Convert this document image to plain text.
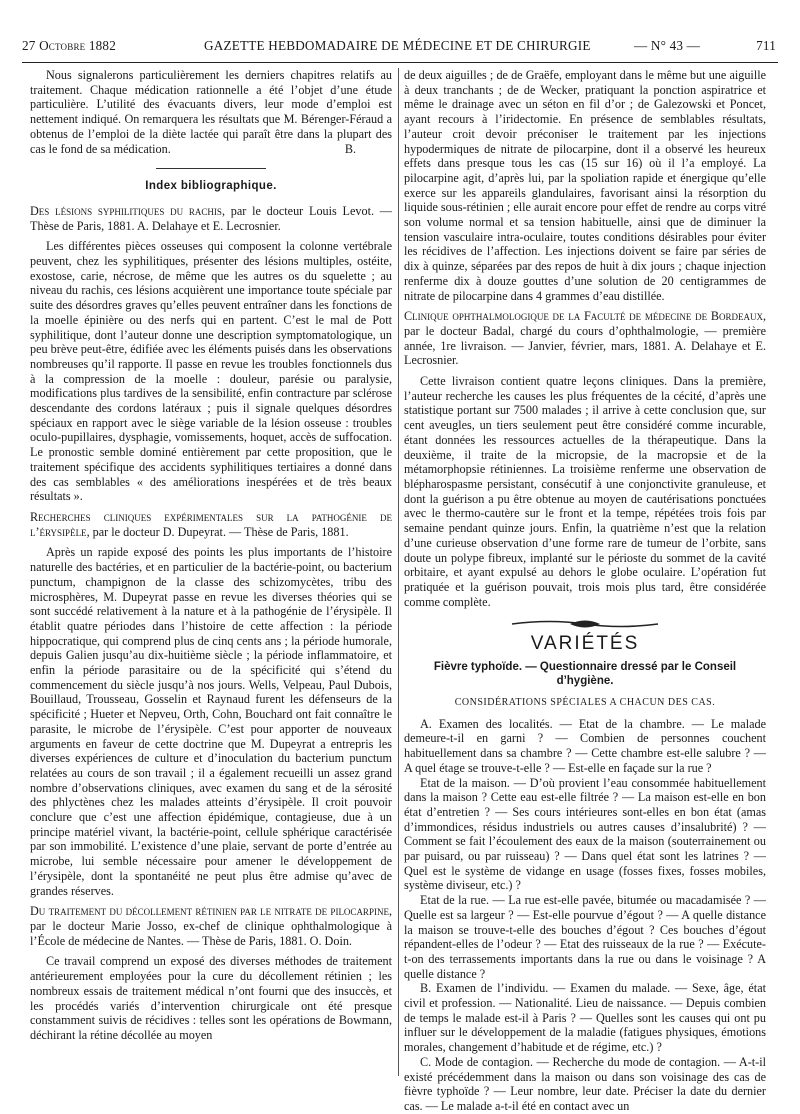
27 Octobre 1882	GAZETTE HEBDOMADAIRE DE MÉDECINE ET DE CHIRURGIE	— N° 43 —	711

Nous signalerons particulièrement les derniers chapitres relatifs au traitement. Chaque médication rationnelle a été l’objet d’une étude particulière. L’utilité des évacuants divers, leur mode d’emploi est nettement indiqué. On remarquera les résultats que M. Bérenger-Féraud a obtenus de l’emploi de la diète lactée qui paraît être dans la plupart des cas le fond de sa médication.	B.
Index bibliographique.

Des lésions syphilitiques du rachis, par le docteur Louis Levot. — Thèse de Paris, 1881. A. Delahaye et E. Lecrosnier.

Les différentes pièces osseuses qui composent la colonne vertébrale peuvent, chez les syphilitiques, présenter des lésions multiples, ostéite, exostose, carie, nécrose, de même que les autres os du squelette ; au niveau du rachis, ces lésions acquièrent une importance toute spéciale par suite des désordres graves qu’elles peuvent entraîner dans les fonctions de la moelle épinière ou des nerfs qui en partent. C’est le mal de Pott syphilitique, dont l’auteur donne une description symptomatologique, un peu brève peut-être, édifiée avec les éléments puisés dans les observations nombreuses qu’il rapporte. Il passe en revue les troubles fonctionnels dus à la compression de la moelle : douleur, parésie ou paralysie, modifications plus tardives de la sensibilité, enfin contracture par sclérose descendante des cordons latéraux ; puis il signale quelques désordres spéciaux en rapport avec le siège variable de la lésion osseuse : troubles oculo-pupillaires, dysphagie, vomissements, hoquet, accès de suffocation. Le pronostic semble dominé entièrement par cette proposition, que le traitement spécifique des accidents syphilitiques tertiaires a donné dans des cas semblables « des améliorations inespérées et de très beaux résultats ».

Recherches cliniques expérimentales sur la pathogénie de l’érysipèle, par le docteur D. Dupeyrat. — Thèse de Paris, 1881.

Après un rapide exposé des points les plus importants de l’histoire naturelle des bactéries, et en particulier de la bactérie-point, ou bacterium punctum, champignon de la classe des schizomycètes, tribu des microsphères, M. Dupeyrat passe en revue les diverses théories qui se sont succédé relativement à la nature et à la pathogénie de l’érysipèle. Il établit quatre périodes dans l’histoire de cette affection : la période hippocratique, qui comprend plus de cinq cents ans ; la période humorale, depuis Galien jusqu’au dix-huitième siècle ; la période inflammatoire, et enfin la période parasitaire ou de la spécificité qui s’étend du commencement du siècle jusqu’à nos jours. Wells, Velpeau, Paul Dubois, Bouillaud, Trousseau, Gosselin et Raynaud furent les défenseurs de la spécificité ; Hueter et Nepveu, Orth, Cohn, Bouchard ont fait connaître le parasite, le microbe de l’érysipèle. C’est pour apporter de nouveaux arguments en faveur de cette doctrine que M. Dupeyrat a entrepris les diverses expériences de culture et d’inoculation du bacterium punctum relatées au cours de son travail ; il a également recueilli un assez grand nombre d’observations cliniques, avec examen du sang et de la sérosité des phlyctènes chez les malades atteints d’érysipèle. Il croit pouvoir conclure que c’est une affection épidémique, contagieuse, due à un principe matériel vivant, la bactérie-point, cellule sphérique caractérisée par son immobilité. L’existence d’une plaie, servant de porte d’entrée au microbe, lui semble nécessaire pour amener le développement de l’érysipèle, dont la spontanéité ne peut plus être admise qu’avec de grandes réserves.

Du traitement du décollement rétinien par le nitrate de pilocarpine, par le docteur Marie Josso, ex-chef de clinique ophthalmologique à l’École de médecine de Nantes. — Thèse de Paris, 1881. O. Doin.

Ce travail comprend un exposé des diverses méthodes de traitement antérieurement employées pour la cure du décollement rétinien ; les nombreux essais de traitement médical n’ont fourni que des insuccès, et les procédés variés d’intervention chirurgicale ont été presque constamment suivis de récidives : telles sont les opérations de Bowmann, déchirant la rétine décollée au moyen

de deux aiguilles ; de de Graëfe, employant dans le même but une aiguille à deux tranchants ; de de Wecker, pratiquant la ponction aspiratrice et même le drainage avec un séton en fil d’or ; de Galezowski et Poncet, ayant recours à l’iridectomie. En présence de semblables résultats, l’auteur croit devoir préconiser le traitement par les injections hypodermiques de nitrate de pilocarpine, dont il a observé les heureux effets dans presque tous les cas (15 sur 16) où il l’a employé. La pilocarpine agit, d’après lui, par la spoliation rapide et énergique qu’elle exerce sur les appareils glandulaires, favorisant ainsi la résorption du liquide sous-rétinien ; elle aurait encore pour effet de rendre au corps vitré son volume normal et sa tension habituelle, ainsi que de diminuer la tension vasculaire intra-oculaire, toutes conditions désirables pour éviter les récidives de l’affection. Les injections doivent se faire par séries de dix à quinze, séparées par des repos de huit à dix jours ; chaque injection renferme dix à douze gouttes d’une solution de 20 centigrammes de nitrate de pilocarpine dans 4 grammes d’eau distillée.

Clinique ophthalmologique de la Faculté de médecine de Bordeaux, par le docteur Badal, chargé du cours d’ophthalmologie, — première année, 1re livraison. — Janvier, février, mars, 1881. A. Delahaye et E. Lecrosnier.

Cette livraison contient quatre leçons cliniques. Dans la première, l’auteur recherche les causes les plus fréquentes de la cécité, d’après une statistique portant sur 7500 malades ; il arrive à cette conclusion que, sur cent aveugles, un tiers seulement peut être considéré comme incurable, étant données les ressources actuelles de la thérapeutique. Dans la deuxième, il traite de la micropsie, de la macropsie et de la métamorphopsie rétiniennes. La troisième renferme une observation de blépharospasme persistant, consécutif à une conjonctivite granuleuse, et dont la guérison a pu être obtenue au moyen de cautérisations ponctuées avec le thermo-cautère sur le front et la tempe, répétées trois fois par semaine pendant quinze jours. Enfin, la quatrième n’est que la relation d’une curieuse observation d’une forme rare de tumeur de l’orbite, sans doute un polype fibreux, implanté sur le périoste du sommet de la cavité orbitaire, et ayant expulsé au dehors le globe oculaire. L’opération fut pratiquée et la guérison pouvait, trois mois plus tard, être considérée comme complète.

VARIÉTÉS
Fièvre typhoïde. — Questionnaire dressé par le Conseil d’hygiène.
CONSIDÉRATIONS SPÉCIALES A CHACUN DES CAS.

A. Examen des localités. — Etat de la chambre. — Le malade demeure-t-il en garni ? — Combien de personnes couchent habituellement dans sa chambre ? — Cette chambre est-elle salubre ? — A quel étage se trouve-t-elle ? — Est-elle en façade sur la rue ?

Etat de la maison. — D’où provient l’eau consommée habituellement dans la maison ? Cette eau est-elle filtrée ? — La maison est-elle en bon état d’entretien ? — Ses cours intérieures sont-elles en bon état (amas d’immondices, résidus industriels ou autres causes d’insalubrité) ? — Comment se fait l’écoulement des eaux de la maison (souterrainement ou par puisard, ou par ruisseau) ? — Dans quel état sont les latrines ? — Quel est le système de vidange en usage (fosses fixes, fosses mobiles, système diviseur, etc.) ?

Etat de la rue. — La rue est-elle pavée, bitumée ou macadamisée ? — Quelle est sa largeur ? — Est-elle pourvue d’égout ? — A quelle distance la maison se trouve-t-elle des bouches d’égout ? Ces bouches d’égout répandent-elles de l’odeur ? — Etat des ruisseaux de la rue ? — Exécute-t-on des terrassements importants dans la rue ou dans le voisinage ? A quelle distance ?

B. Examen de l’individu. — Examen du malade. — Sexe, âge, état civil et profession. — Nationalité. Lieu de naissance. — Depuis combien de temps le malade est-il à Paris ? — Quelles sont les causes qui ont pu influer sur le développement de la maladie (fatigues physiques, émotions morales, changement d’habitude et de régime, etc.) ?

C. Mode de contagion. — Recherche du mode de contagion. — A-t-il existé précédemment dans la maison ou dans son voisinage des cas de fièvre typhoïde ? — Leur nombre, leur date. Préciser la date du dernier cas. — Le malade a-t-il été en contact avec un
